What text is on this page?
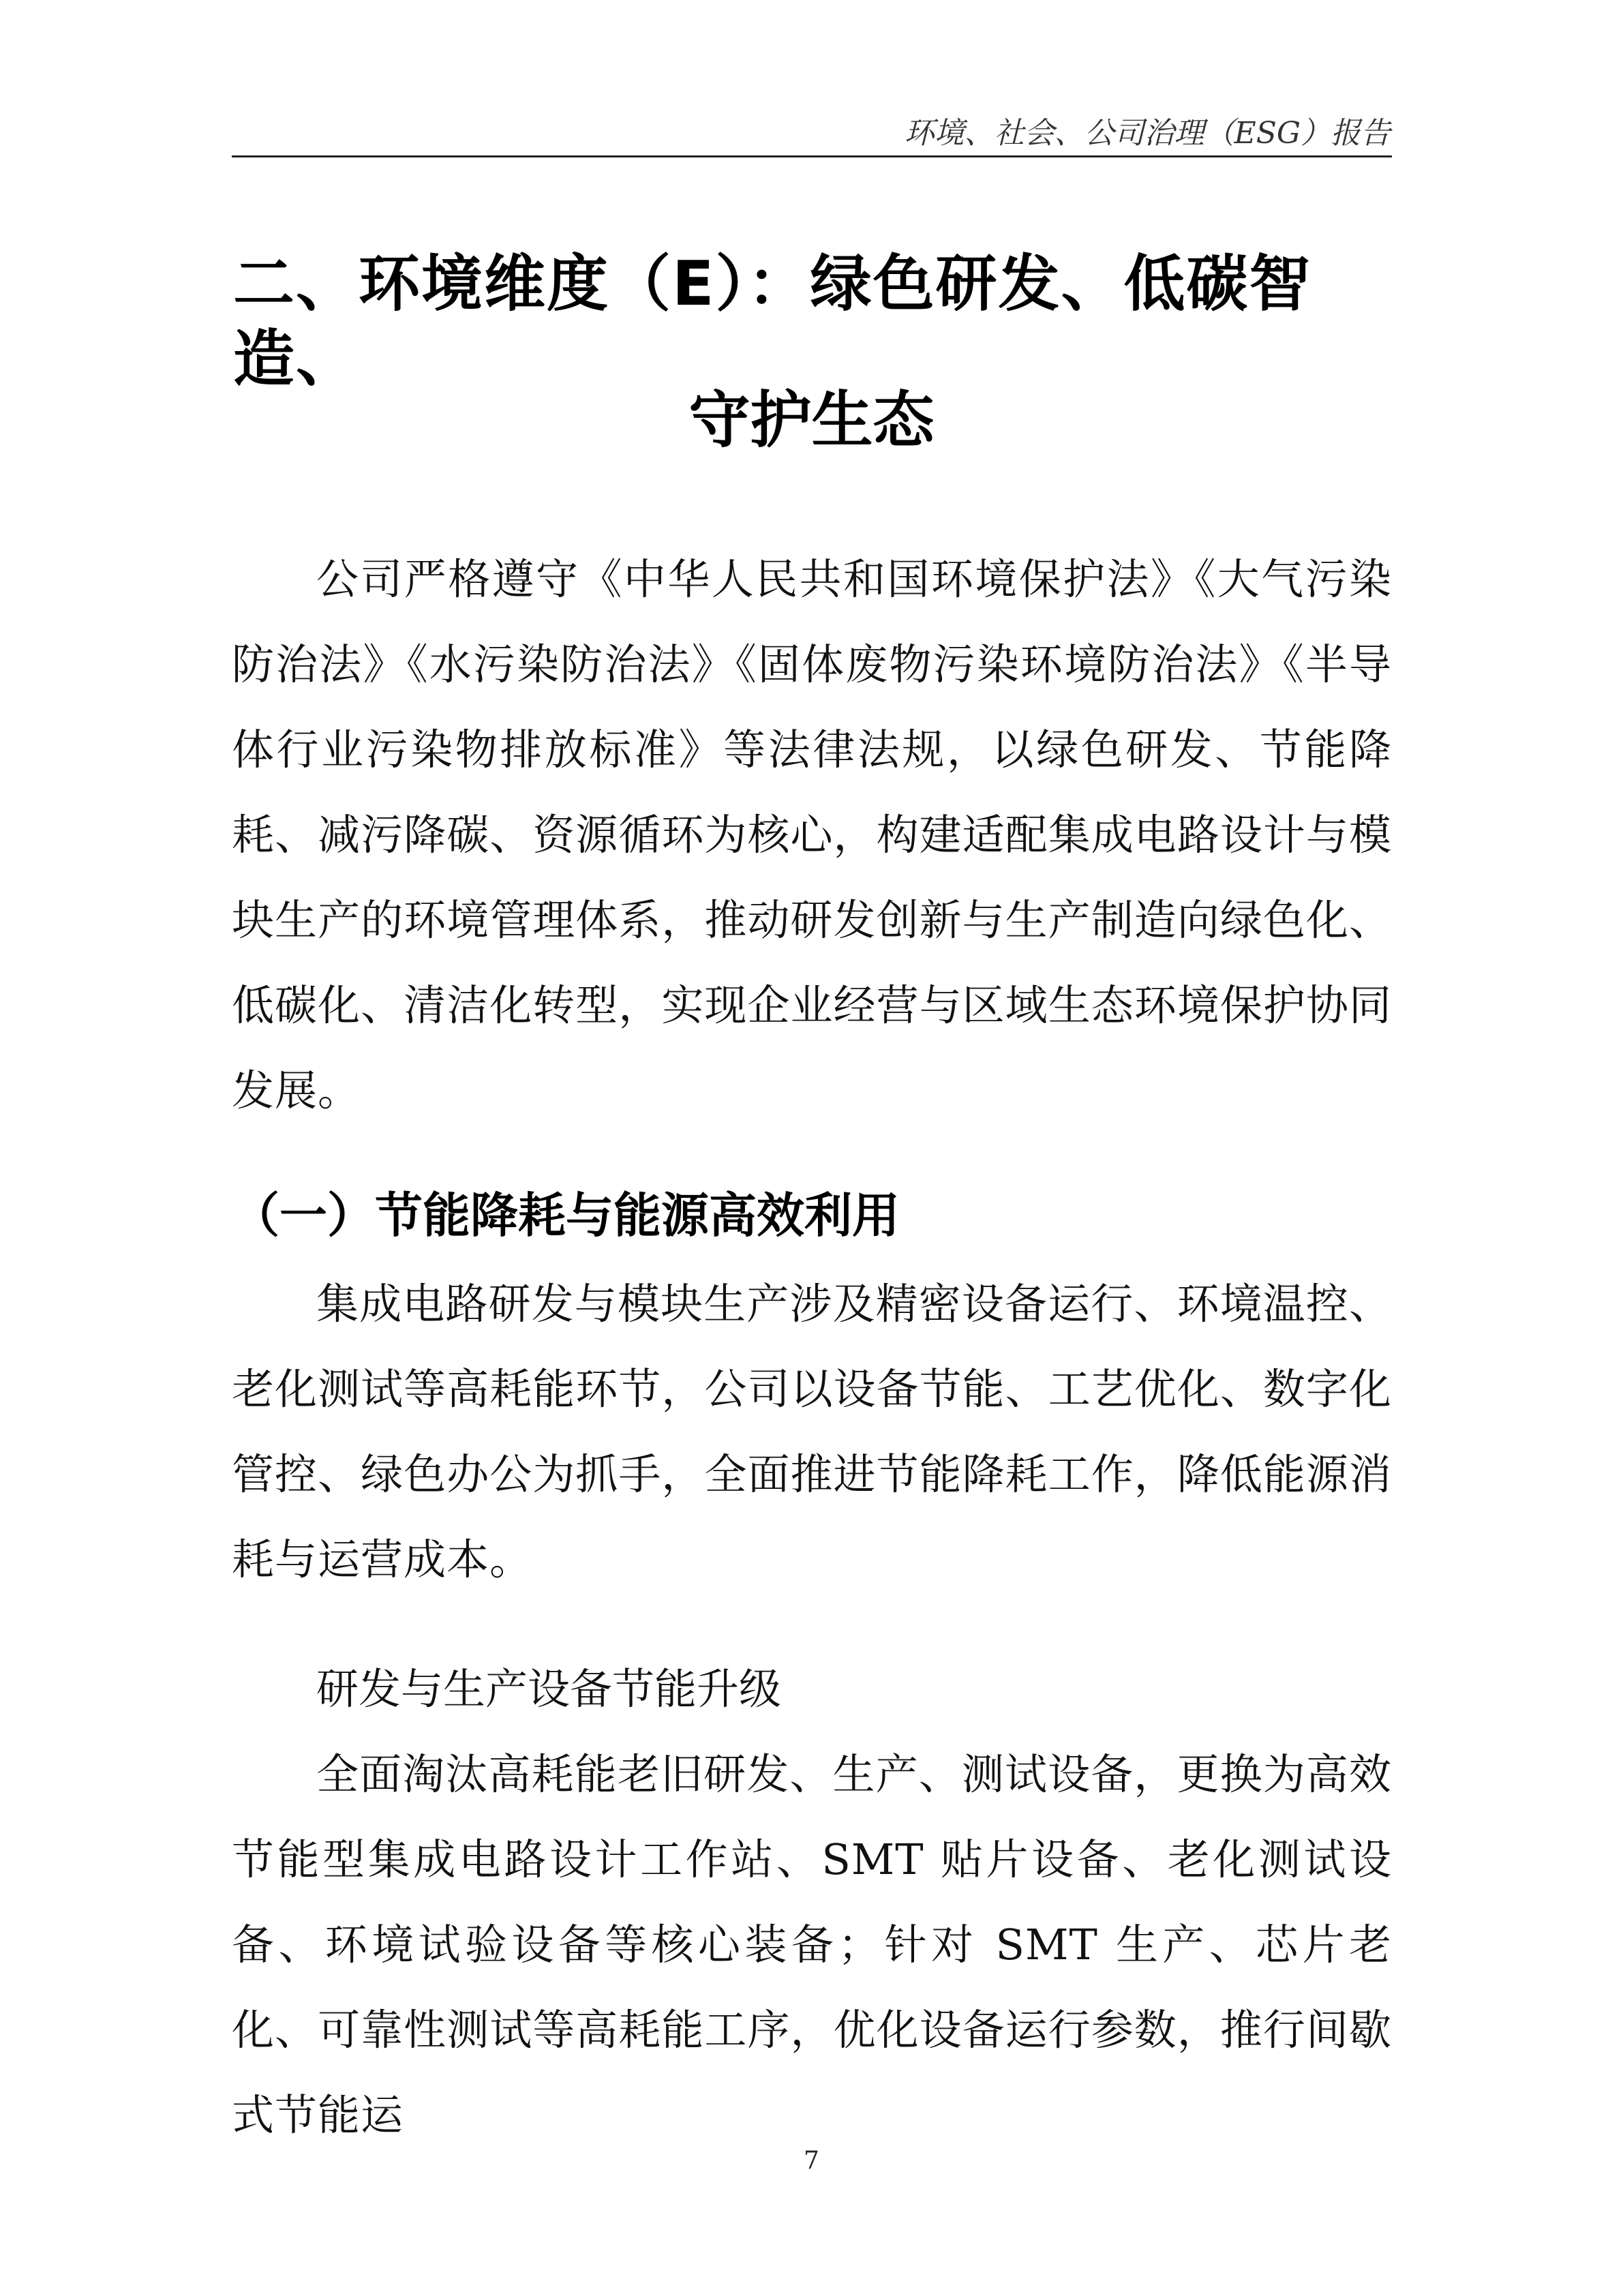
环境、社会、公司治理（ESG）报告
二、环境维度（E）：绿色研发、低碳智造、
守护生态

公司严格遵守《中华人民共和国环境保护法》《大气污染防治法》《水污染防治法》《固体废物污染环境防治法》《半导体行业污染物排放标准》等法律法规，以绿色研发、节能降耗、减污降碳、资源循环为核心，构建适配集成电路设计与模块生产的环境管理体系，推动研发创新与生产制造向绿色化、低碳化、清洁化转型，实现企业经营与区域生态环境保护协同发展。

（一）节能降耗与能源高效利用

集成电路研发与模块生产涉及精密设备运行、环境温控、老化测试等高耗能环节，公司以设备节能、工艺优化、数字化管控、绿色办公为抓手，全面推进节能降耗工作，降低能源消耗与运营成本。

研发与生产设备节能升级

全面淘汰高耗能老旧研发、生产、测试设备，更换为高效节能型集成电路设计工作站、SMT 贴片设备、老化测试设备、环境试验设备等核心装备；针对 SMT 生产、芯片老化、可靠性测试等高耗能工序，优化设备运行参数，推行间歇式节能运

7
